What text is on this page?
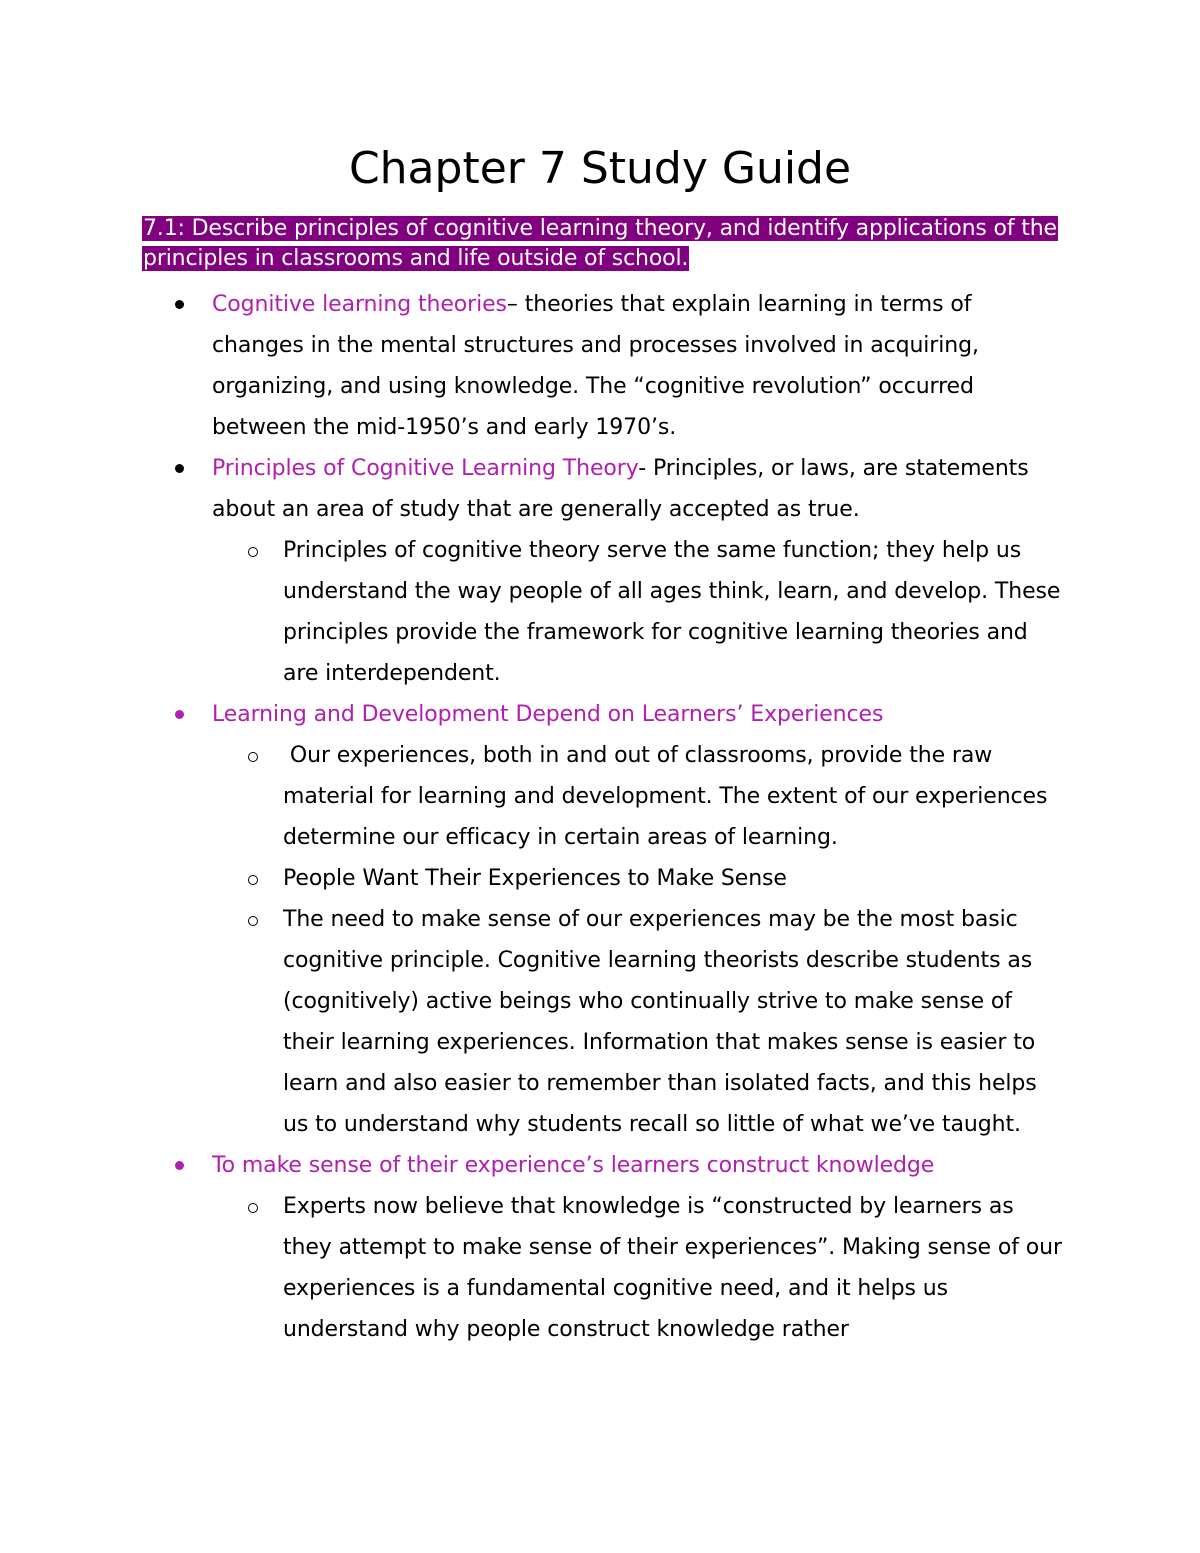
Chapter 7 Study Guide

7.1: Describe principles of cognitive learning theory, and identify applications of the principles in classrooms and life outside of school.

Cognitive learning theories– theories that explain learning in terms of changes in the mental structures and processes involved in acquiring, organizing, and using knowledge. The “cognitive revolution” occurred between the mid-1950’s and early 1970’s.
Principles of Cognitive Learning Theory- Principles, or laws, are statements about an area of study that are generally accepted as true.
Principles of cognitive theory serve the same function; they help us understand the way people of all ages think, learn, and develop. These principles provide the framework for cognitive learning theories and are interdependent.
Learning and Development Depend on Learners’ Experiences
Our experiences, both in and out of classrooms, provide the raw material for learning and development. The extent of our experiences determine our efficacy in certain areas of learning.
People Want Their Experiences to Make Sense
The need to make sense of our experiences may be the most basic cognitive principle. Cognitive learning theorists describe students as (cognitively) active beings who continually strive to make sense of their learning experiences. Information that makes sense is easier to learn and also easier to remember than isolated facts, and this helps us to understand why students recall so little of what we’ve taught.
To make sense of their experience’s learners construct knowledge
Experts now believe that knowledge is “constructed by learners as they attempt to make sense of their experiences”. Making sense of our experiences is a fundamental cognitive need, and it helps us understand why people construct knowledge rather
